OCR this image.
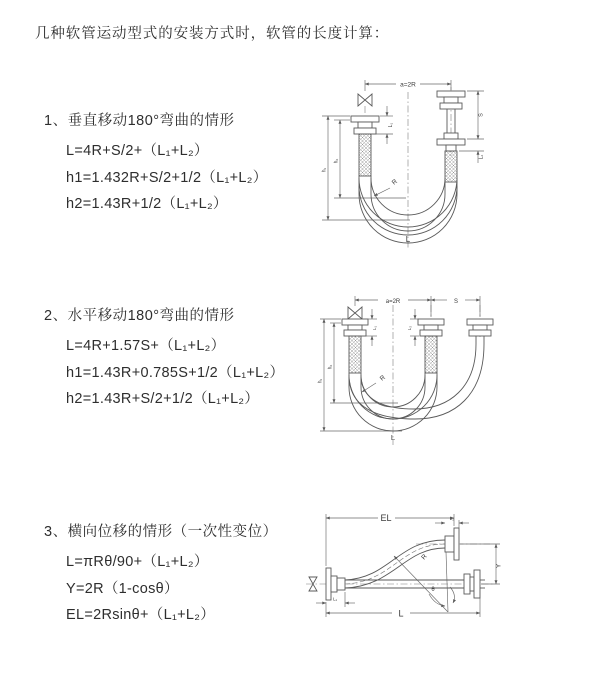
几种软管运动型式的安装方式时，软管的长度计算：
1、垂直移动180°弯曲的情形
L=4R+S/2+（L₁+L₂）
h1=1.432R+S/2+1/2（L₁+L₂）
h2=1.43R+1/2（L₁+L₂）
2、水平移动180°弯曲的情形
L=4R+1.57S+（L₁+L₂）
h1=1.43R+0.785S+1/2（L₁+L₂）
h2=1.43R+S/2+1/2（L₁+L₂）
3、横向位移的情形（一次性变位）
L=πRθ/90+（L₁+L₂）
Y=2R（1-cosθ）
EL=2Rsinθ+（L₁+L₂）
a=2R
L₁
S
L₂
h₁
h₂
R
L
a=2R	S
L₁	L₂
h₁
h₂
R
L
EL	L₂
Y
R
θ
L
L₁
